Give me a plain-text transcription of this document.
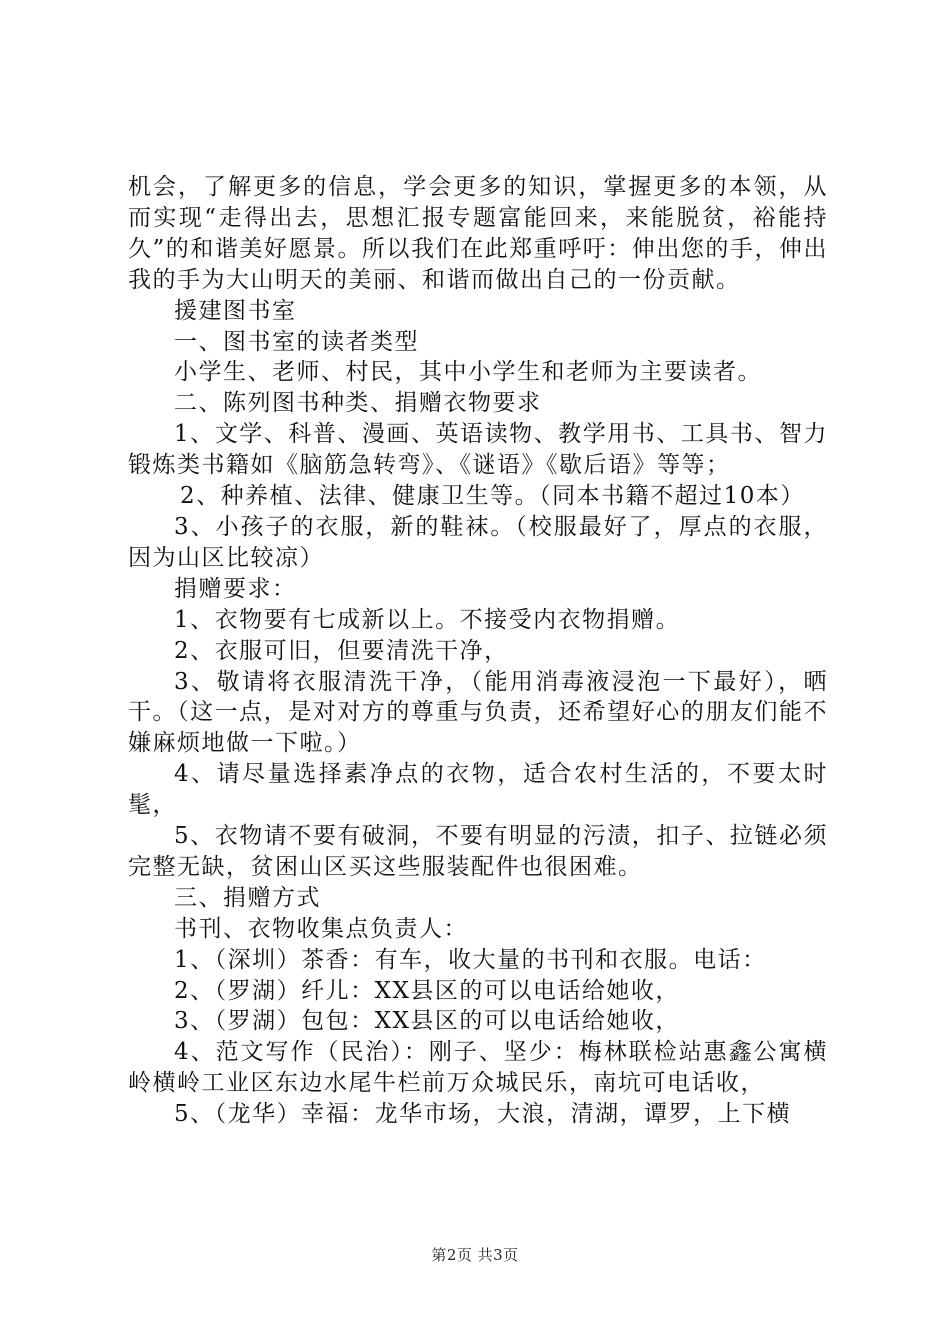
机会，了解更多的信息，学会更多的知识，掌握更多的本领，从而实现“走得出去，思想汇报专题富能回来，来能脱贫，裕能持久”的和谐美好愿景。所以我们在此郑重呼吁：伸出您的手，伸出我的手为大山明天的美丽、和谐而做出自己的一份贡献。

援建图书室

一、图书室的读者类型

小学生、老师、村民，其中小学生和老师为主要读者。

二、陈列图书种类、捐赠衣物要求

1、文学、科普、漫画、英语读物、教学用书、工具书、智力锻炼类书籍如《脑筋急转弯》、《谜语》《歇后语》等等；

2、种养植、法律、健康卫生等。（同本书籍不超过10本）

3、小孩子的衣服，新的鞋袜。（校服最好了，厚点的衣服，因为山区比较凉）

捐赠要求：

1、衣物要有七成新以上。不接受内衣物捐赠。

2、衣服可旧，但要清洗干净，

3、敬请将衣服清洗干净，（能用消毒液浸泡一下最好），晒干。（这一点，是对对方的尊重与负责，还希望好心的朋友们能不嫌麻烦地做一下啦。）

4、请尽量选择素净点的衣物，适合农村生活的，不要太时髦，

5、衣物请不要有破洞，不要有明显的污渍，扣子、拉链必须完整无缺，贫困山区买这些服装配件也很困难。

三、捐赠方式

书刊、衣物收集点负责人：

1、（深圳）茶香：有车，收大量的书刊和衣服。电话：

2、（罗湖）纤儿：XX县区的可以电话给她收，

3、（罗湖）包包：XX县区的可以电话给她收，

4、范文写作（民治）：刚子、坚少：梅林联检站惠鑫公寓横岭横岭工业区东边水尾牛栏前万众城民乐，南坑可电话收，

5、（龙华）幸福：龙华市场，大浪，清湖，谭罗，上下横

第2页 共3页
